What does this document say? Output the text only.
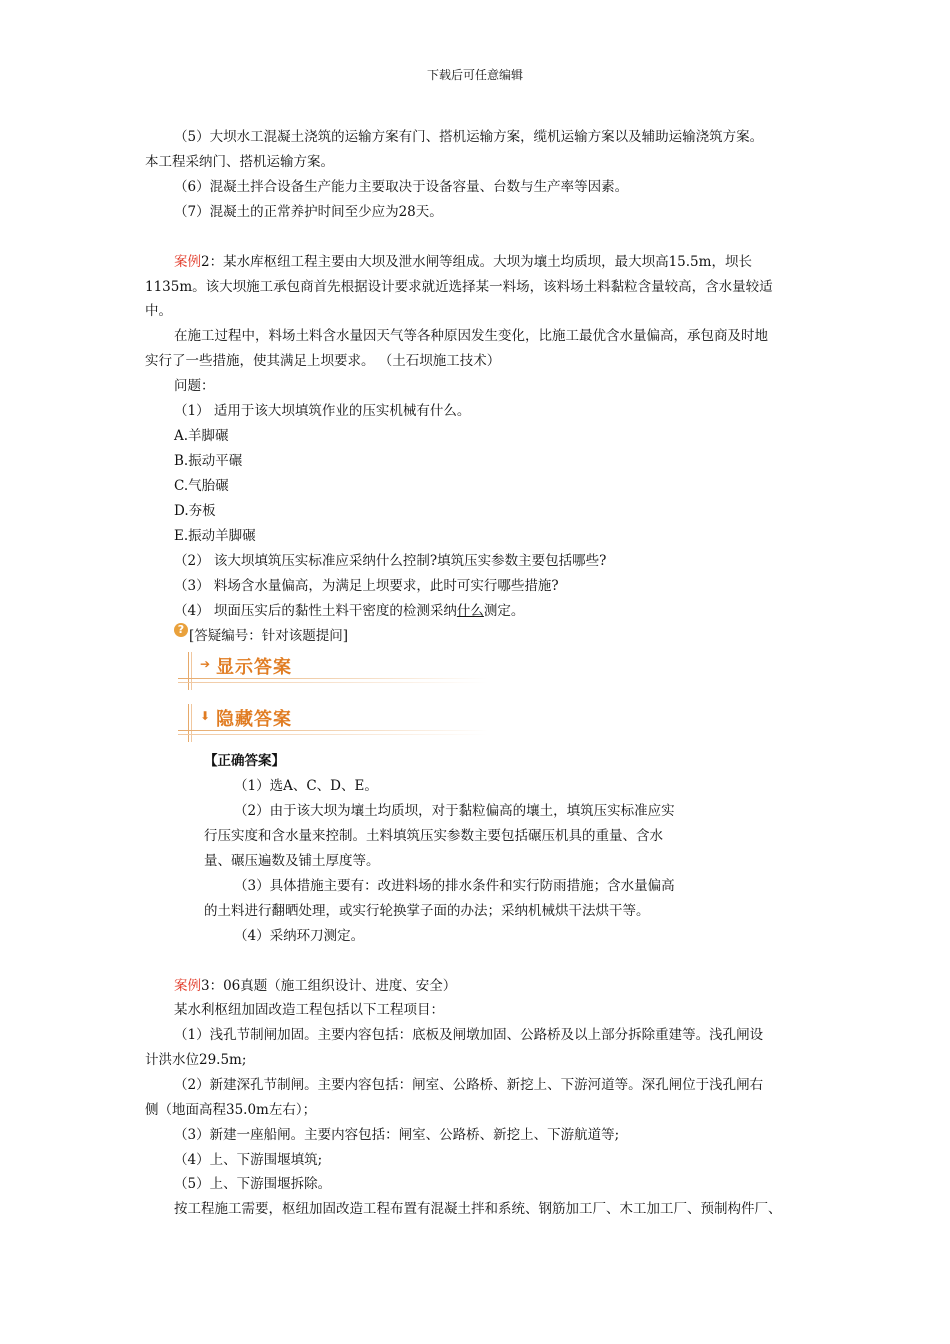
下载后可任意编辑
（5）大坝水工混凝土浇筑的运输方案有门、搭机运输方案，缆机运输方案以及辅助运输浇筑方案。
本工程采纳门、搭机运输方案。
（6）混凝土拌合设备生产能力主要取决于设备容量、台数与生产率等因素。
（7）混凝土的正常养护时间至少应为28天。
案例2：某水库枢纽工程主要由大坝及泄水闸等组成。大坝为壤土均质坝，最大坝高15.5m，坝长
1135m。该大坝施工承包商首先根据设计要求就近选择某一料场，该料场土料黏粒含量较高，含水量较适
中。
在施工过程中，料场土料含水量因天气等各种原因发生变化，比施工最优含水量偏高，承包商及时地
实行了一些措施，使其满足上坝要求。 （土石坝施工技术）
问题：
（1） 适用于该大坝填筑作业的压实机械有什么。
A.羊脚碾
B.振动平碾
C.气胎碾
D.夯板
E.振动羊脚碾
（2） 该大坝填筑压实标准应采纳什么控制?填筑压实参数主要包括哪些?
（3） 料场含水量偏高，为满足上坝要求，此时可实行哪些措施?
（4） 坝面压实后的黏性土料干密度的检测采纳什么测定。
? [答疑编号：针对该题提问]
➔ 显示答案
⬇ 隐藏答案
【正确答案】
（1）选A、C、D、E。
（2）由于该大坝为壤土均质坝，对于黏粒偏高的壤土，填筑压实标准应实
行压实度和含水量来控制。土料填筑压实参数主要包括碾压机具的重量、含水
量、碾压遍数及铺土厚度等。
（3）具体措施主要有：改进料场的排水条件和实行防雨措施；含水量偏高
的土料进行翻晒处理，或实行轮换掌子面的办法；采纳机械烘干法烘干等。
（4）采纳环刀测定。
案例3：06真题（施工组织设计、进度、安全）
某水利枢纽加固改造工程包括以下工程项目：
（1）浅孔节制闸加固。主要内容包括：底板及闸墩加固、公路桥及以上部分拆除重建等。浅孔闸设
计洪水位29.5m;
（2）新建深孔节制闸。主要内容包括：闸室、公路桥、新挖上、下游河道等。深孔闸位于浅孔闸右
侧（地面高程35.0m左右）；
（3）新建一座船闸。主要内容包括：闸室、公路桥、新挖上、下游航道等;
（4）上、下游围堰填筑;
（5）上、下游围堰拆除。
按工程施工需要，枢纽加固改造工程布置有混凝土拌和系统、钢筋加工厂、木工加工厂、预制构件厂、
